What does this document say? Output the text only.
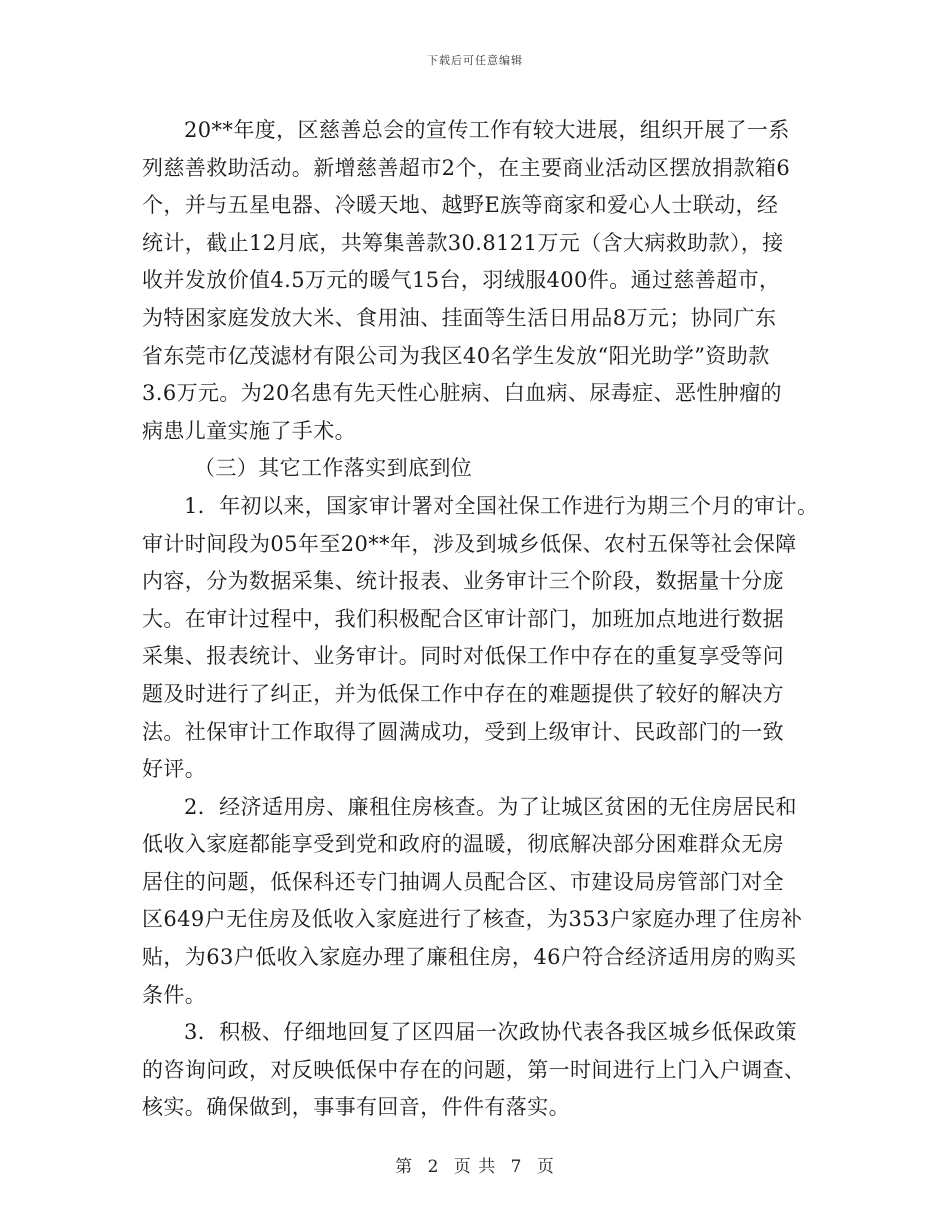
下载后可任意编辑
20**年度，区慈善总会的宣传工作有较大进展，组织开展了一系
列慈善救助活动。新增慈善超市2个，在主要商业活动区摆放捐款箱6
个，并与五星电器、冷暖天地、越野E族等商家和爱心人士联动，经
统计，截止12月底，共筹集善款30.8121万元（含大病救助款），接
收并发放价值4.5万元的暖气15台，羽绒服400件。通过慈善超市，
为特困家庭发放大米、食用油、挂面等生活日用品8万元；协同广东
省东莞市亿茂滤材有限公司为我区40名学生发放“阳光助学”资助款
3.6万元。为20名患有先天性心脏病、白血病、尿毒症、恶性肿瘤的
病患儿童实施了手术。
（三）其它工作落实到底到位
1．年初以来，国家审计署对全国社保工作进行为期三个月的审计。
审计时间段为05年至20**年，涉及到城乡低保、农村五保等社会保障
内容，分为数据采集、统计报表、业务审计三个阶段，数据量十分庞
大。在审计过程中，我们积极配合区审计部门，加班加点地进行数据
采集、报表统计、业务审计。同时对低保工作中存在的重复享受等问
题及时进行了纠正，并为低保工作中存在的难题提供了较好的解决方
法。社保审计工作取得了圆满成功，受到上级审计、民政部门的一致
好评。
2．经济适用房、廉租住房核查。为了让城区贫困的无住房居民和
低收入家庭都能享受到党和政府的温暖，彻底解决部分困难群众无房
居住的问题，低保科还专门抽调人员配合区、市建设局房管部门对全
区649户无住房及低收入家庭进行了核查，为353户家庭办理了住房补
贴，为63户低收入家庭办理了廉租住房，46户符合经济适用房的购买
条件。
3．积极、仔细地回复了区四届一次政协代表各我区城乡低保政策
的咨询问政，对反映低保中存在的问题，第一时间进行上门入户调查、
核实。确保做到，事事有回音，件件有落实。
第 2 页 共 7 页
